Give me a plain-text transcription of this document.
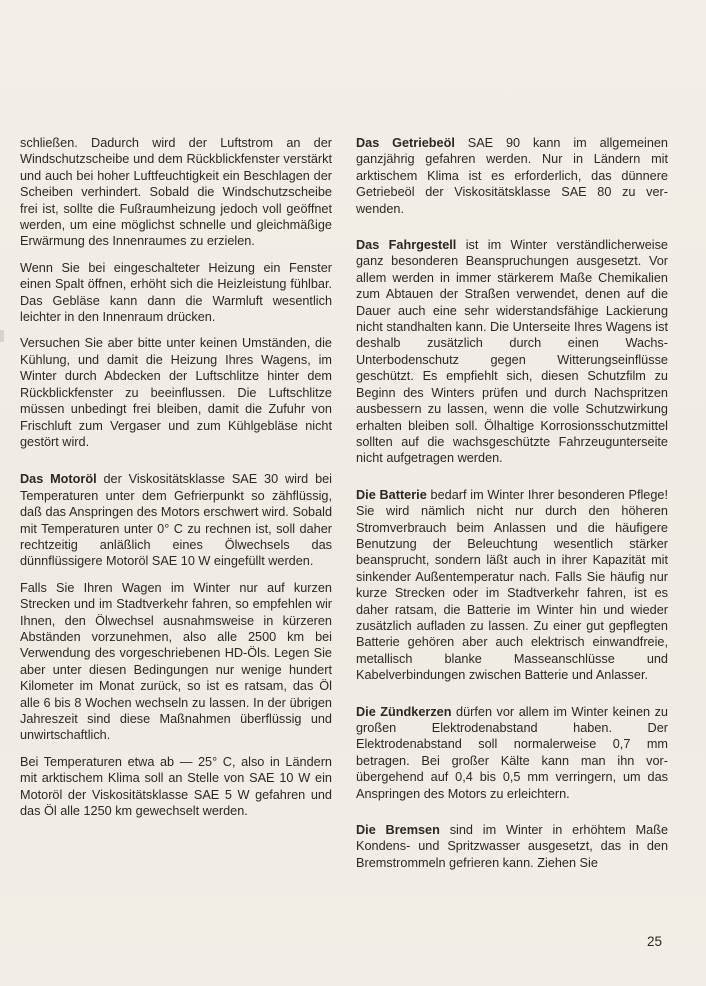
schließen. Dadurch wird der Luftstrom an der Windschutzscheibe und dem Rückblickfenster verstärkt und auch bei hoher Luftfeuchtigkeit ein Beschlagen der Scheiben verhindert. Sobald die Windschutzscheibe frei ist, sollte die Fußraumheizung jedoch voll geöffnet werden, um eine möglichst schnelle und gleichmäßige Erwärmung des Innenraumes zu erzielen.

Wenn Sie bei eingeschalteter Heizung ein Fenster einen Spalt öffnen, erhöht sich die Heizleistung fühlbar. Das Gebläse kann dann die Warmluft wesentlich leichter in den Innenraum drücken.

Versuchen Sie aber bitte unter keinen Umständen, die Kühlung, und damit die Heizung Ihres Wagens, im Winter durch Abdecken der Luftschlitze hinter dem Rückblickfenster zu beeinflussen. Die Luftschlitze müssen unbedingt frei bleiben, damit die Zufuhr von Frischluft zum Vergaser und zum Kühlgebläse nicht gestört wird.

Das Motoröl der Viskositätsklasse SAE 30 wird bei Temperaturen unter dem Gefrierpunkt so zähflüssig, daß das Anspringen des Motors erschwert wird. Sobald mit Temperaturen unter 0° C zu rechnen ist, soll daher rechtzeitig anläßlich eines Ölwechsels das dünnflüssigere Motoröl SAE 10 W eingefüllt werden.

Falls Sie Ihren Wagen im Winter nur auf kurzen Strecken und im Stadtverkehr fahren, so empfehlen wir Ihnen, den Ölwechsel ausnahmsweise in kürzeren Abständen vorzunehmen, also alle 2500 km bei Verwendung des vorgeschriebenen HD-Öls. Legen Sie aber unter diesen Bedingungen nur wenige hundert Kilometer im Monat zurück, so ist es ratsam, das Öl alle 6 bis 8 Wochen wechseln zu lassen. In der übrigen Jahreszeit sind diese Maßnahmen überflüssig und unwirtschaftlich.

Bei Temperaturen etwa ab — 25° C, also in Ländern mit arktischem Klima soll an Stelle von SAE 10 W ein Motoröl der Viskositätsklasse SAE 5 W gefahren und das Öl alle 1250 km gewechselt werden.

Das Getriebeöl SAE 90 kann im allgemeinen ganzjährig gefahren werden. Nur in Ländern mit arktischem Klima ist es erforderlich, das dünnere Getriebeöl der Viskositätsklasse SAE 80 zu verwenden.

Das Fahrgestell ist im Winter verständlicherweise ganz besonderen Beanspruchungen ausgesetzt. Vor allem werden in immer stärkerem Maße Chemikalien zum Abtauen der Straßen verwendet, denen auf die Dauer auch eine sehr widerstandsfähige Lackierung nicht standhalten kann. Die Unterseite Ihres Wagens ist deshalb zusätzlich durch einen Wachs-Unterbodenschutz gegen Witterungseinflüsse geschützt. Es empfiehlt sich, diesen Schutzfilm zu Beginn des Winters prüfen und durch Nachspritzen ausbessern zu lassen, wenn die volle Schutzwirkung erhalten bleiben soll. Ölhaltige Korrosionsschutzmittel sollten auf die wachsgeschützte Fahrzeugunterseite nicht aufgetragen werden.

Die Batterie bedarf im Winter Ihrer besonderen Pflege! Sie wird nämlich nicht nur durch den höheren Stromverbrauch beim Anlassen und die häufigere Benutzung der Beleuchtung wesentlich stärker beansprucht, sondern läßt auch in ihrer Kapazität mit sinkender Außentemperatur nach. Falls Sie häufig nur kurze Strecken oder im Stadtverkehr fahren, ist es daher ratsam, die Batterie im Winter hin und wieder zusätzlich aufladen zu lassen. Zu einer gut gepflegten Batterie gehören aber auch elektrisch einwandfreie, metallisch blanke Masseanschlüsse und Kabelverbindungen zwischen Batterie und Anlasser.

Die Zündkerzen dürfen vor allem im Winter keinen zu großen Elektrodenabstand haben. Der Elektrodenabstand soll normalerweise 0,7 mm betragen. Bei großer Kälte kann man ihn vorübergehend auf 0,4 bis 0,5 mm verringern, um das Anspringen des Motors zu erleichtern.

Die Bremsen sind im Winter in erhöhtem Maße Kondens- und Spritzwasser ausgesetzt, das in den Bremstrommeln gefrieren kann. Ziehen Sie

25
